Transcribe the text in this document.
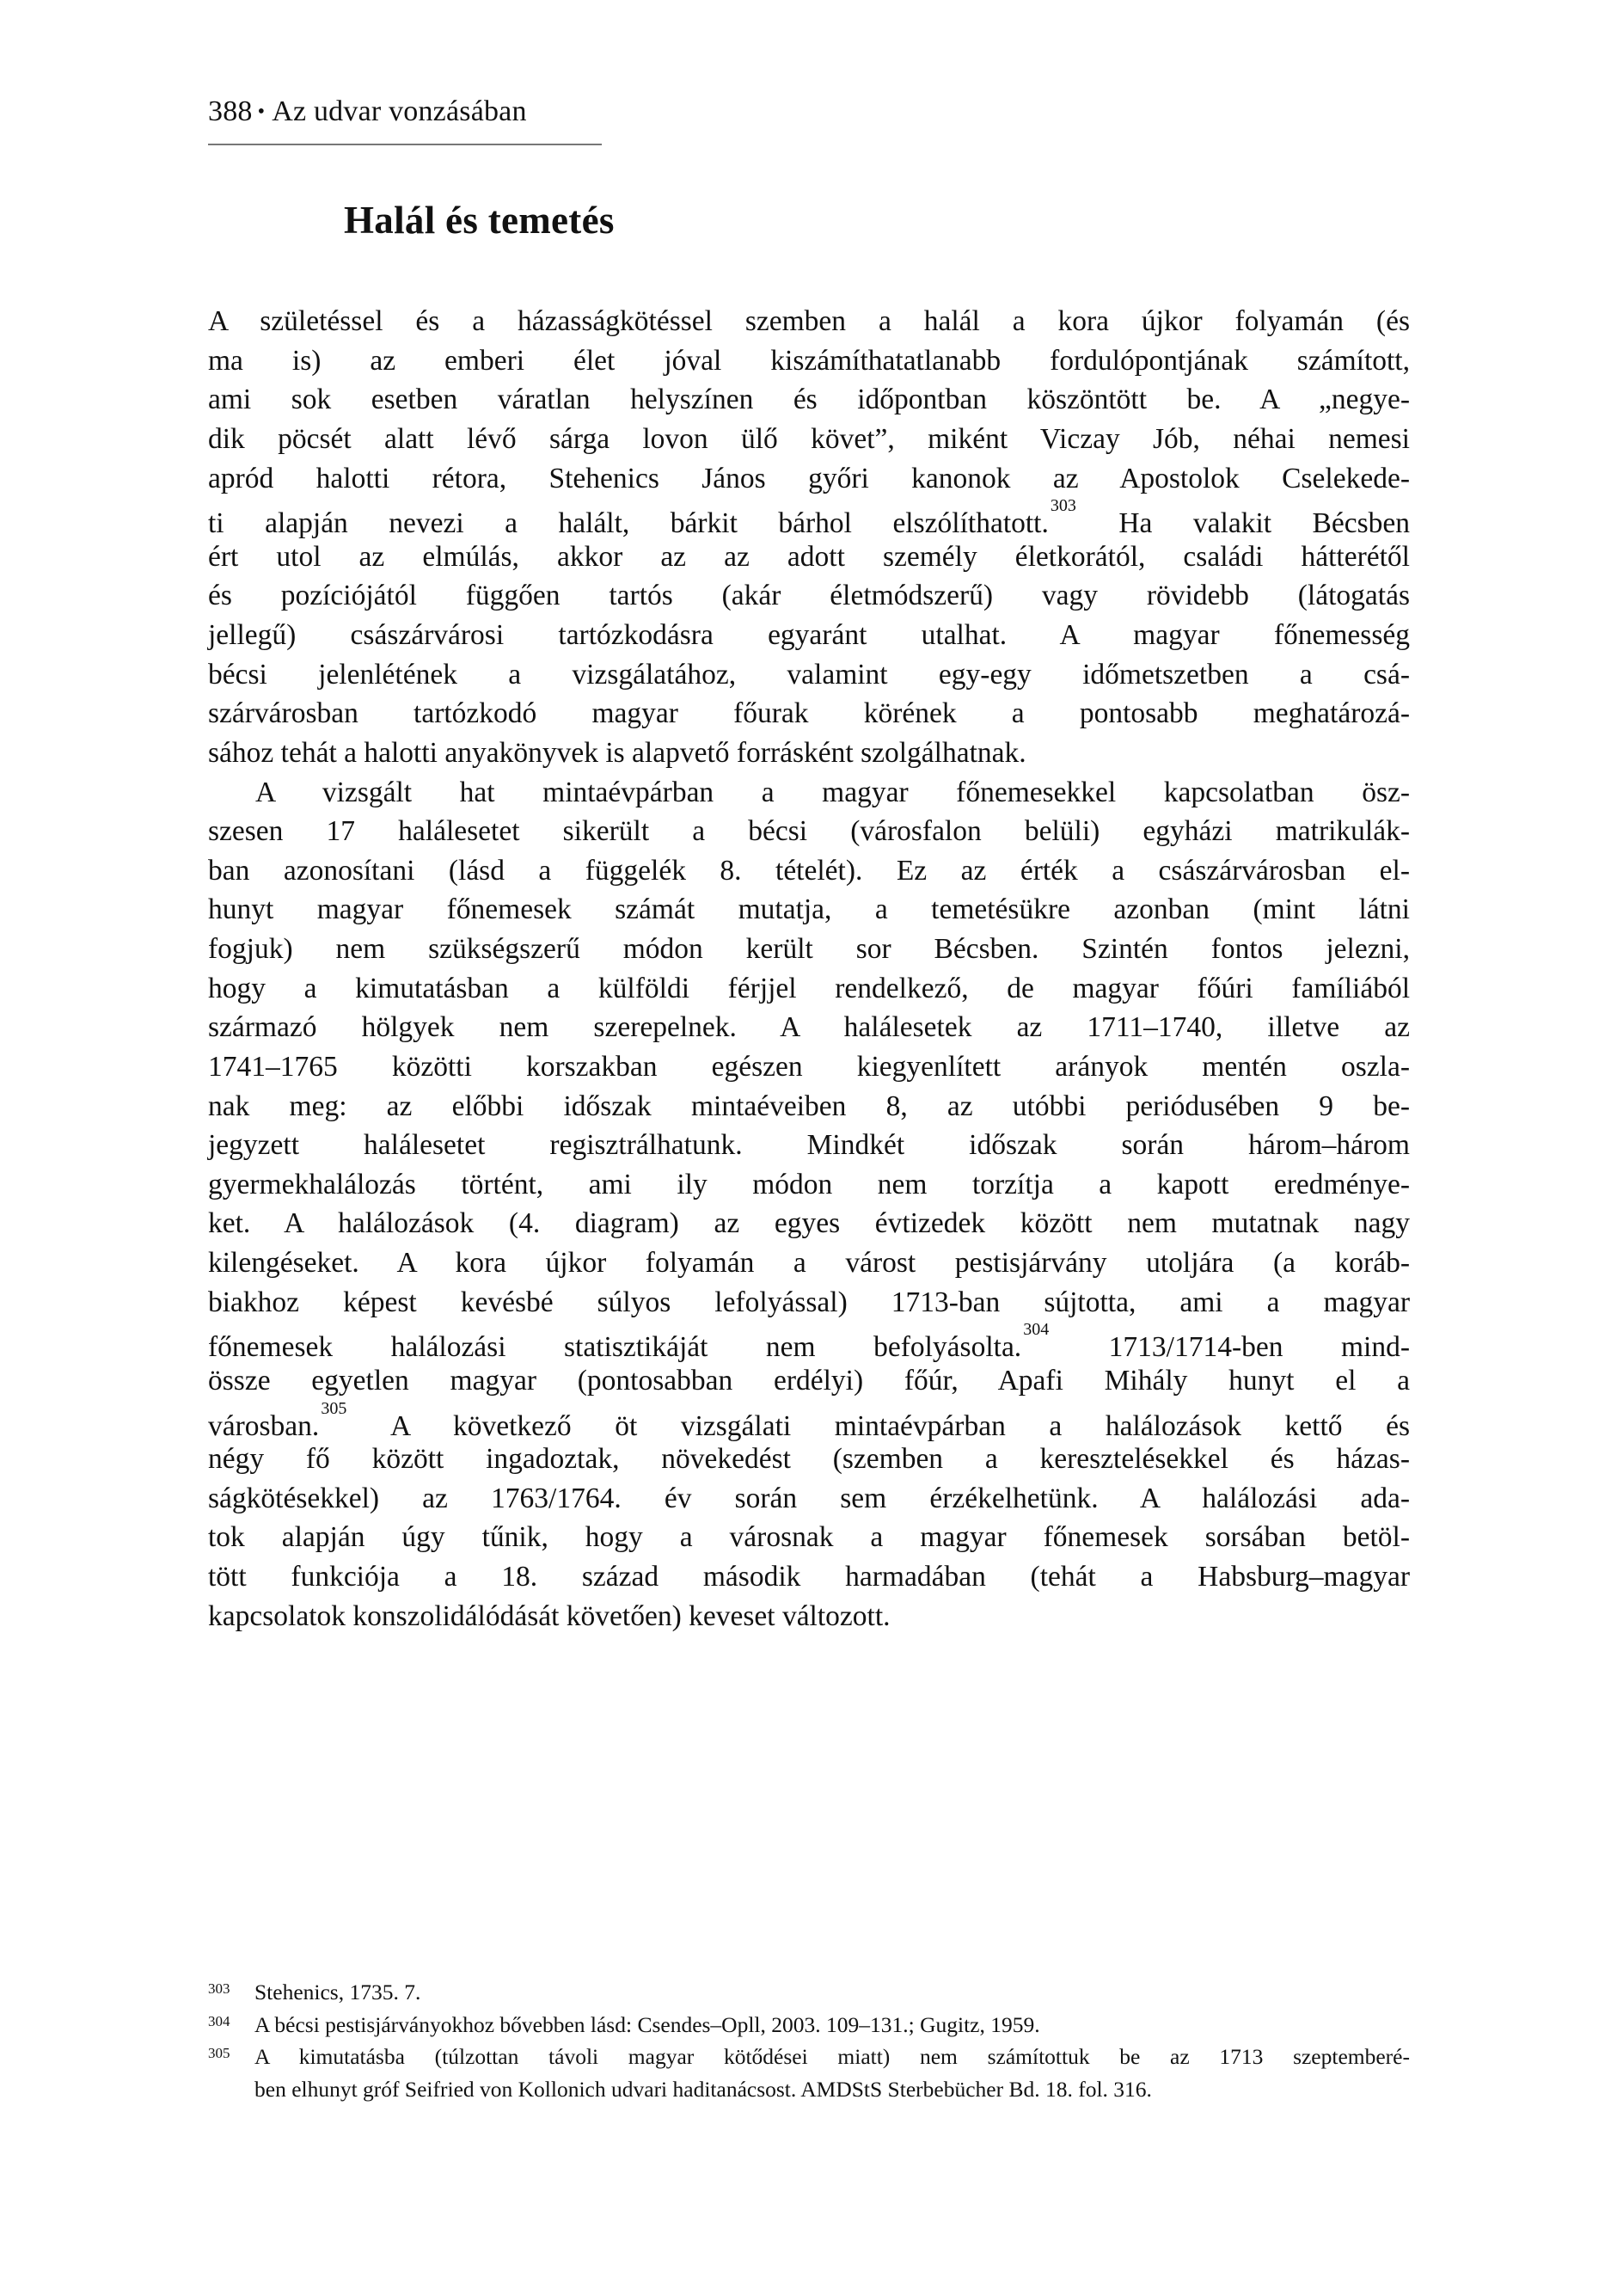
388 • Az udvar vonzásában
Halál és temetés
A születéssel és a házasságkötéssel szemben a halál a kora újkor folyamán (és
ma is) az emberi élet jóval kiszámíthatatlanabb fordulópontjának számított,
ami sok esetben váratlan helyszínen és időpontban köszöntött be. A „negye-
dik pöcsét alatt lévő sárga lovon ülő követ”, miként Viczay Jób, néhai nemesi
apród halotti rétora, Stehenics János győri kanonok az Apostolok Cselekede-
ti alapján nevezi a halált, bárkit bárhol elszólíthatott.$^{303}$ Ha valakit Bécsben
ért utol az elmúlás, akkor az az adott személy életkorától, családi hátterétől
és pozíciójától függően tartós (akár életmódszerű) vagy rövidebb (látogatás
jellegű) császárvárosi tartózkodásra egyaránt utalhat. A magyar főnemesség
bécsi jelenlétének a vizsgálatához, valamint egy-egy időmetszetben a csá-
szárvárosban tartózkodó magyar főurak körének a pontosabb meghatározá-
sához tehát a halotti anyakönyvek is alapvető forrásként szolgálhatnak.
A vizsgált hat mintaévpárban a magyar főnemesekkel kapcsolatban ösz-
szesen 17 halálesetet sikerült a bécsi (városfalon belüli) egyházi matrikulák-
ban azonosítani (lásd a függelék 8. tételét). Ez az érték a császárvárosban el-
hunyt magyar főnemesek számát mutatja, a temetésükre azonban (mint látni
fogjuk) nem szükségszerű módon került sor Bécsben. Szintén fontos jelezni,
hogy a kimutatásban a külföldi férjjel rendelkező, de magyar főúri famíliából
származó hölgyek nem szerepelnek. A halálesetek az 1711–1740, illetve az
1741–1765 közötti korszakban egészen kiegyenlített arányok mentén oszla-
nak meg: az előbbi időszak mintaéveiben 8, az utóbbi periódusében 9 be-
jegyzett halálesetet regisztrálhatunk. Mindkét időszak során három–három
gyermekhalálozás történt, ami ily módon nem torzítja a kapott eredménye-
ket. A halálozások (4. diagram) az egyes évtizedek között nem mutatnak nagy
kilengéseket. A kora újkor folyamán a várost pestisjárvány utoljára (a koráb-
biakhoz képest kevésbé súlyos lefolyással) 1713-ban sújtotta, ami a magyar
főnemesek halálozási statisztikáját nem befolyásolta.$^{304}$ 1713/1714-ben mind-
össze egyetlen magyar (pontosabban erdélyi) főúr, Apafi Mihály hunyt el a
városban.$^{305}$ A következő öt vizsgálati mintaévpárban a halálozások kettő és
négy fő között ingadoztak, növekedést (szemben a keresztelésekkel és házas-
ságkötésekkel) az 1763/1764. év során sem érzékelhetünk. A halálozási ada-
tok alapján úgy tűnik, hogy a városnak a magyar főnemesek sorsában betöl-
tött funkciója a 18. század második harmadában (tehát a Habsburg–magyar
kapcsolatok konszolidálódását követően) keveset változott.
303 Stehenics, 1735. 7.
304 A bécsi pestisjárványokhoz bővebben lásd: Csendes–Opll, 2003. 109–131.; Gugitz, 1959.
305 A kimutatásba (túlzottan távoli magyar kötődései miatt) nem számítottuk be az 1713 szeptemberé-
ben elhunyt gróf Seifried von Kollonich udvari haditanácsost. AMDStS Sterbebücher Bd. 18. fol. 316.
